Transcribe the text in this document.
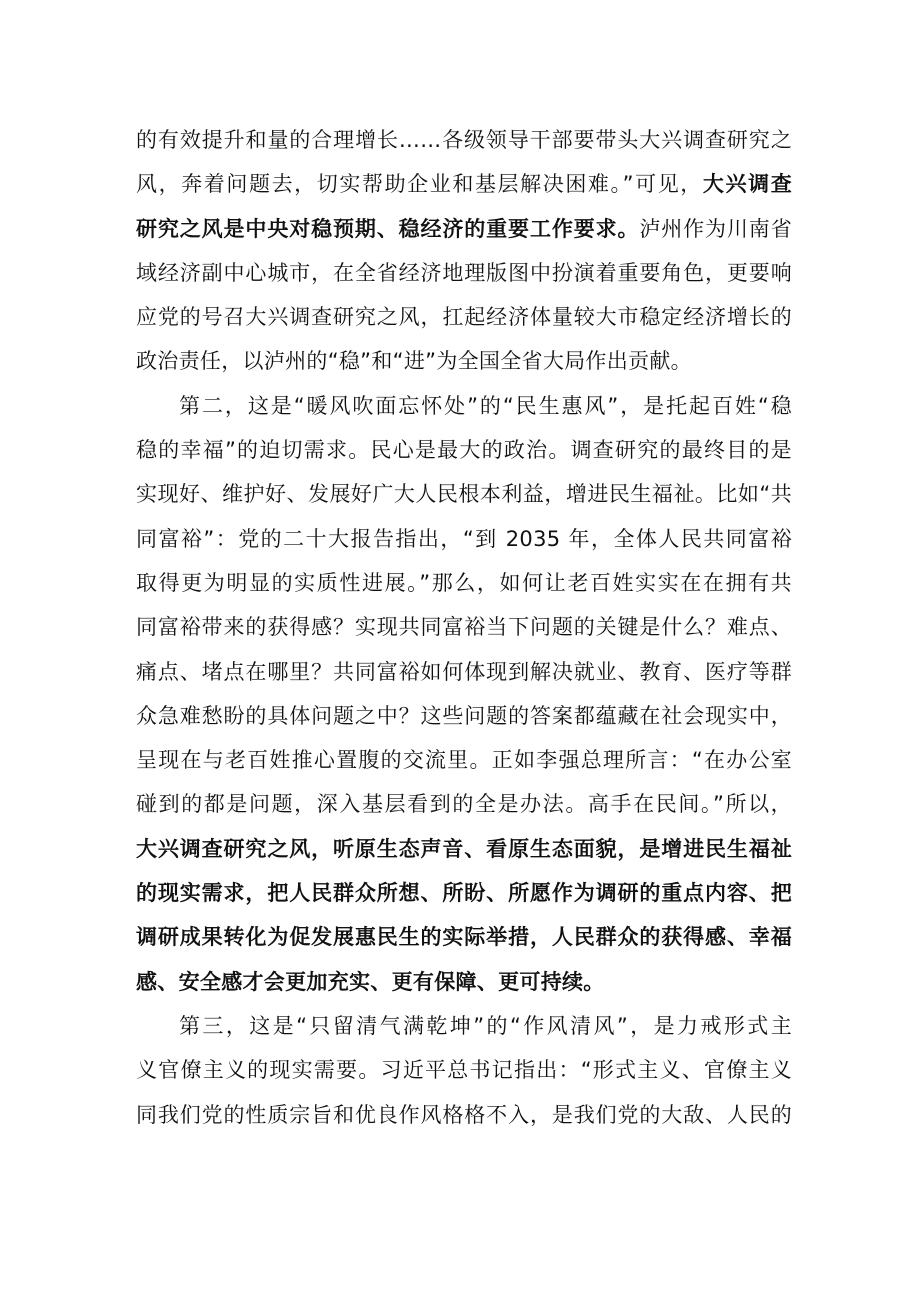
的有效提升和量的合理增长……各级领导干部要带头大兴调查研究之
风，奔着问题去，切实帮助企业和基层解决困难。”可见，大兴调查
研究之风是中央对稳预期、稳经济的重要工作要求。泸州作为川南省
域经济副中心城市，在全省经济地理版图中扮演着重要角色，更要响
应党的号召大兴调查研究之风，扛起经济体量较大市稳定经济增长的
政治责任，以泸州的“稳”和“进”为全国全省大局作出贡献。
第二，这是“暖风吹面忘怀处”的“民生惠风”，是托起百姓“稳
稳的幸福”的迫切需求。民心是最大的政治。调查研究的最终目的是
实现好、维护好、发展好广大人民根本利益，增进民生福祉。比如“共
同富裕”：党的二十大报告指出，“到 2035 年，全体人民共同富裕
取得更为明显的实质性进展。”那么，如何让老百姓实实在在拥有共
同富裕带来的获得感？实现共同富裕当下问题的关键是什么？难点、
痛点、堵点在哪里？共同富裕如何体现到解决就业、教育、医疗等群
众急难愁盼的具体问题之中？这些问题的答案都蕴藏在社会现实中，
呈现在与老百姓推心置腹的交流里。正如李强总理所言：“在办公室
碰到的都是问题，深入基层看到的全是办法。高手在民间。”所以，
大兴调查研究之风，听原生态声音、看原生态面貌，是增进民生福祉
的现实需求，把人民群众所想、所盼、所愿作为调研的重点内容、把
调研成果转化为促发展惠民生的实际举措，人民群众的获得感、幸福
感、安全感才会更加充实、更有保障、更可持续。
第三，这是“只留清气满乾坤”的“作风清风”，是力戒形式主
义官僚主义的现实需要。习近平总书记指出：“形式主义、官僚主义
同我们党的性质宗旨和优良作风格格不入，是我们党的大敌、人民的
